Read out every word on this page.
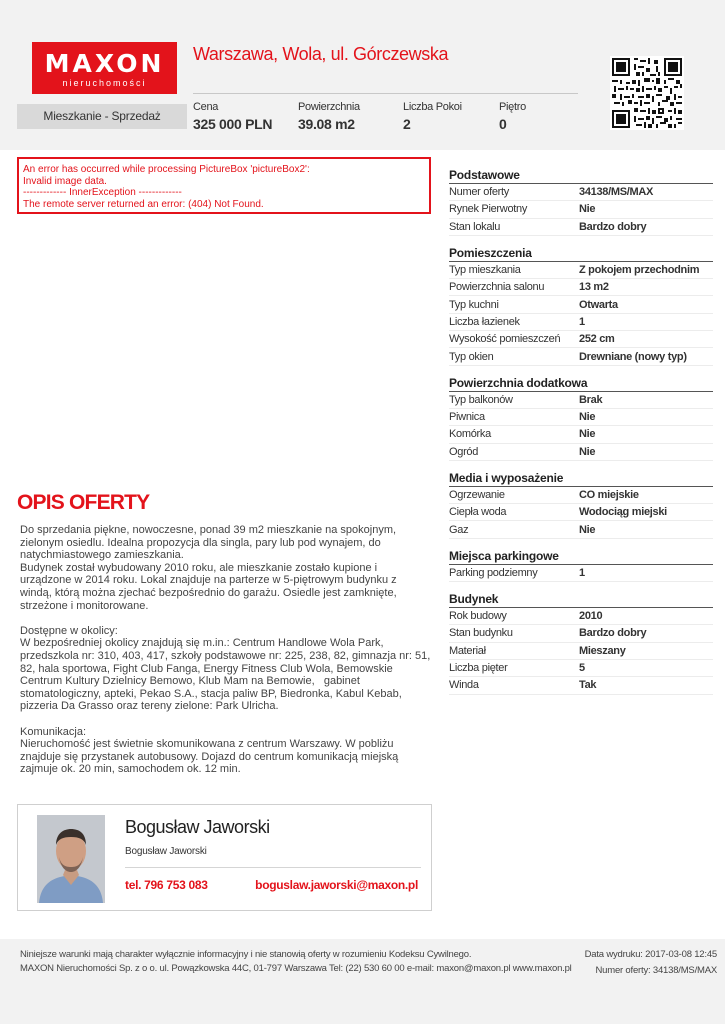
MAXON
nieruchomości
Mieszkanie - Sprzedaż
Warszawa, Wola, ul. Górczewska
Cena
325 000 PLN
Powierzchnia
39.08 m2
Liczba Pokoi
2
Piętro
0

An error has occurred while processing PictureBox 'pictureBox2':
Invalid image data.
------------- InnerException -------------
The remote server returned an error: (404) Not Found.

Podstawowe
Numer oferty	34138/MS/MAX
Rynek Pierwotny	Nie
Stan lokalu	Bardzo dobry
Pomieszczenia
Typ mieszkania	Z pokojem przechodnim
Powierzchnia salonu	13 m2
Typ kuchni	Otwarta
Liczba łazienek	1
Wysokość pomieszczeń	252 cm
Typ okien	Drewniane (nowy typ)
Powierzchnia dodatkowa
Typ balkonów	Brak
Piwnica	Nie
Komórka	Nie
Ogród	Nie
Media i wyposażenie
Ogrzewanie	CO miejskie
Ciepła woda	Wodociąg miejski
Gaz	Nie
Miejsca parkingowe
Parking podziemny	1
Budynek
Rok budowy	2010
Stan budynku	Bardzo dobry
Materiał	Mieszany
Liczba pięter	5
Winda	Tak
OPIS OFERTY
Do sprzedania piękne, nowoczesne, ponad 39 m2 mieszkanie na spokojnym,
zielonym osiedlu. Idealna propozycja dla singla, pary lub pod wynajem, do
natychmiastowego zamieszkania.
Budynek został wybudowany 2010 roku, ale mieszkanie zostało kupione i
urządzone w 2014 roku. Lokal znajduje na parterze w 5-piętrowym budynku z
windą, którą można zjechać bezpośrednio do garażu. Osiedle jest zamknięte,
strzeżone i monitorowane.

Dostępne w okolicy:
W bezpośredniej okolicy znajdują się m.in.: Centrum Handlowe Wola Park,
przedszkola nr: 310, 403, 417, szkoły podstawowe nr: 225, 238, 82, gimnazja nr: 51,
82, hala sportowa, Fight Club Fanga, Energy Fitness Club Wola, Bemowskie
Centrum Kultury Dzielnicy Bemowo, Klub Mam na Bemowie,   gabinet
stomatologiczny, apteki, Pekao S.A., stacja paliw BP, Biedronka, Kabul Kebab,
pizzeria Da Grasso oraz tereny zielone: Park Ulricha.

Komunikacja:
Nieruchomość jest świetnie skomunikowana z centrum Warszawy. W pobliżu
znajduje się przystanek autobusowy. Dojazd do centrum komunikacją miejską
zajmuje ok. 20 min, samochodem ok. 12 min.
Bogusław Jaworski
Bogusław Jaworski
tel. 796 753 083	boguslaw.jaworski@maxon.pl
Niniejsze warunki mają charakter wyłącznie informacyjny i nie stanowią oferty w rozumieniu Kodeksu Cywilnego.
MAXON Nieruchomości Sp. z o o. ul. Powązkowska 44C, 01-797 Warszawa Tel: (22) 530 60 00 e-mail: maxon@maxon.pl www.maxon.pl
Data wydruku: 2017-03-08 12:45
Numer oferty: 34138/MS/MAX
